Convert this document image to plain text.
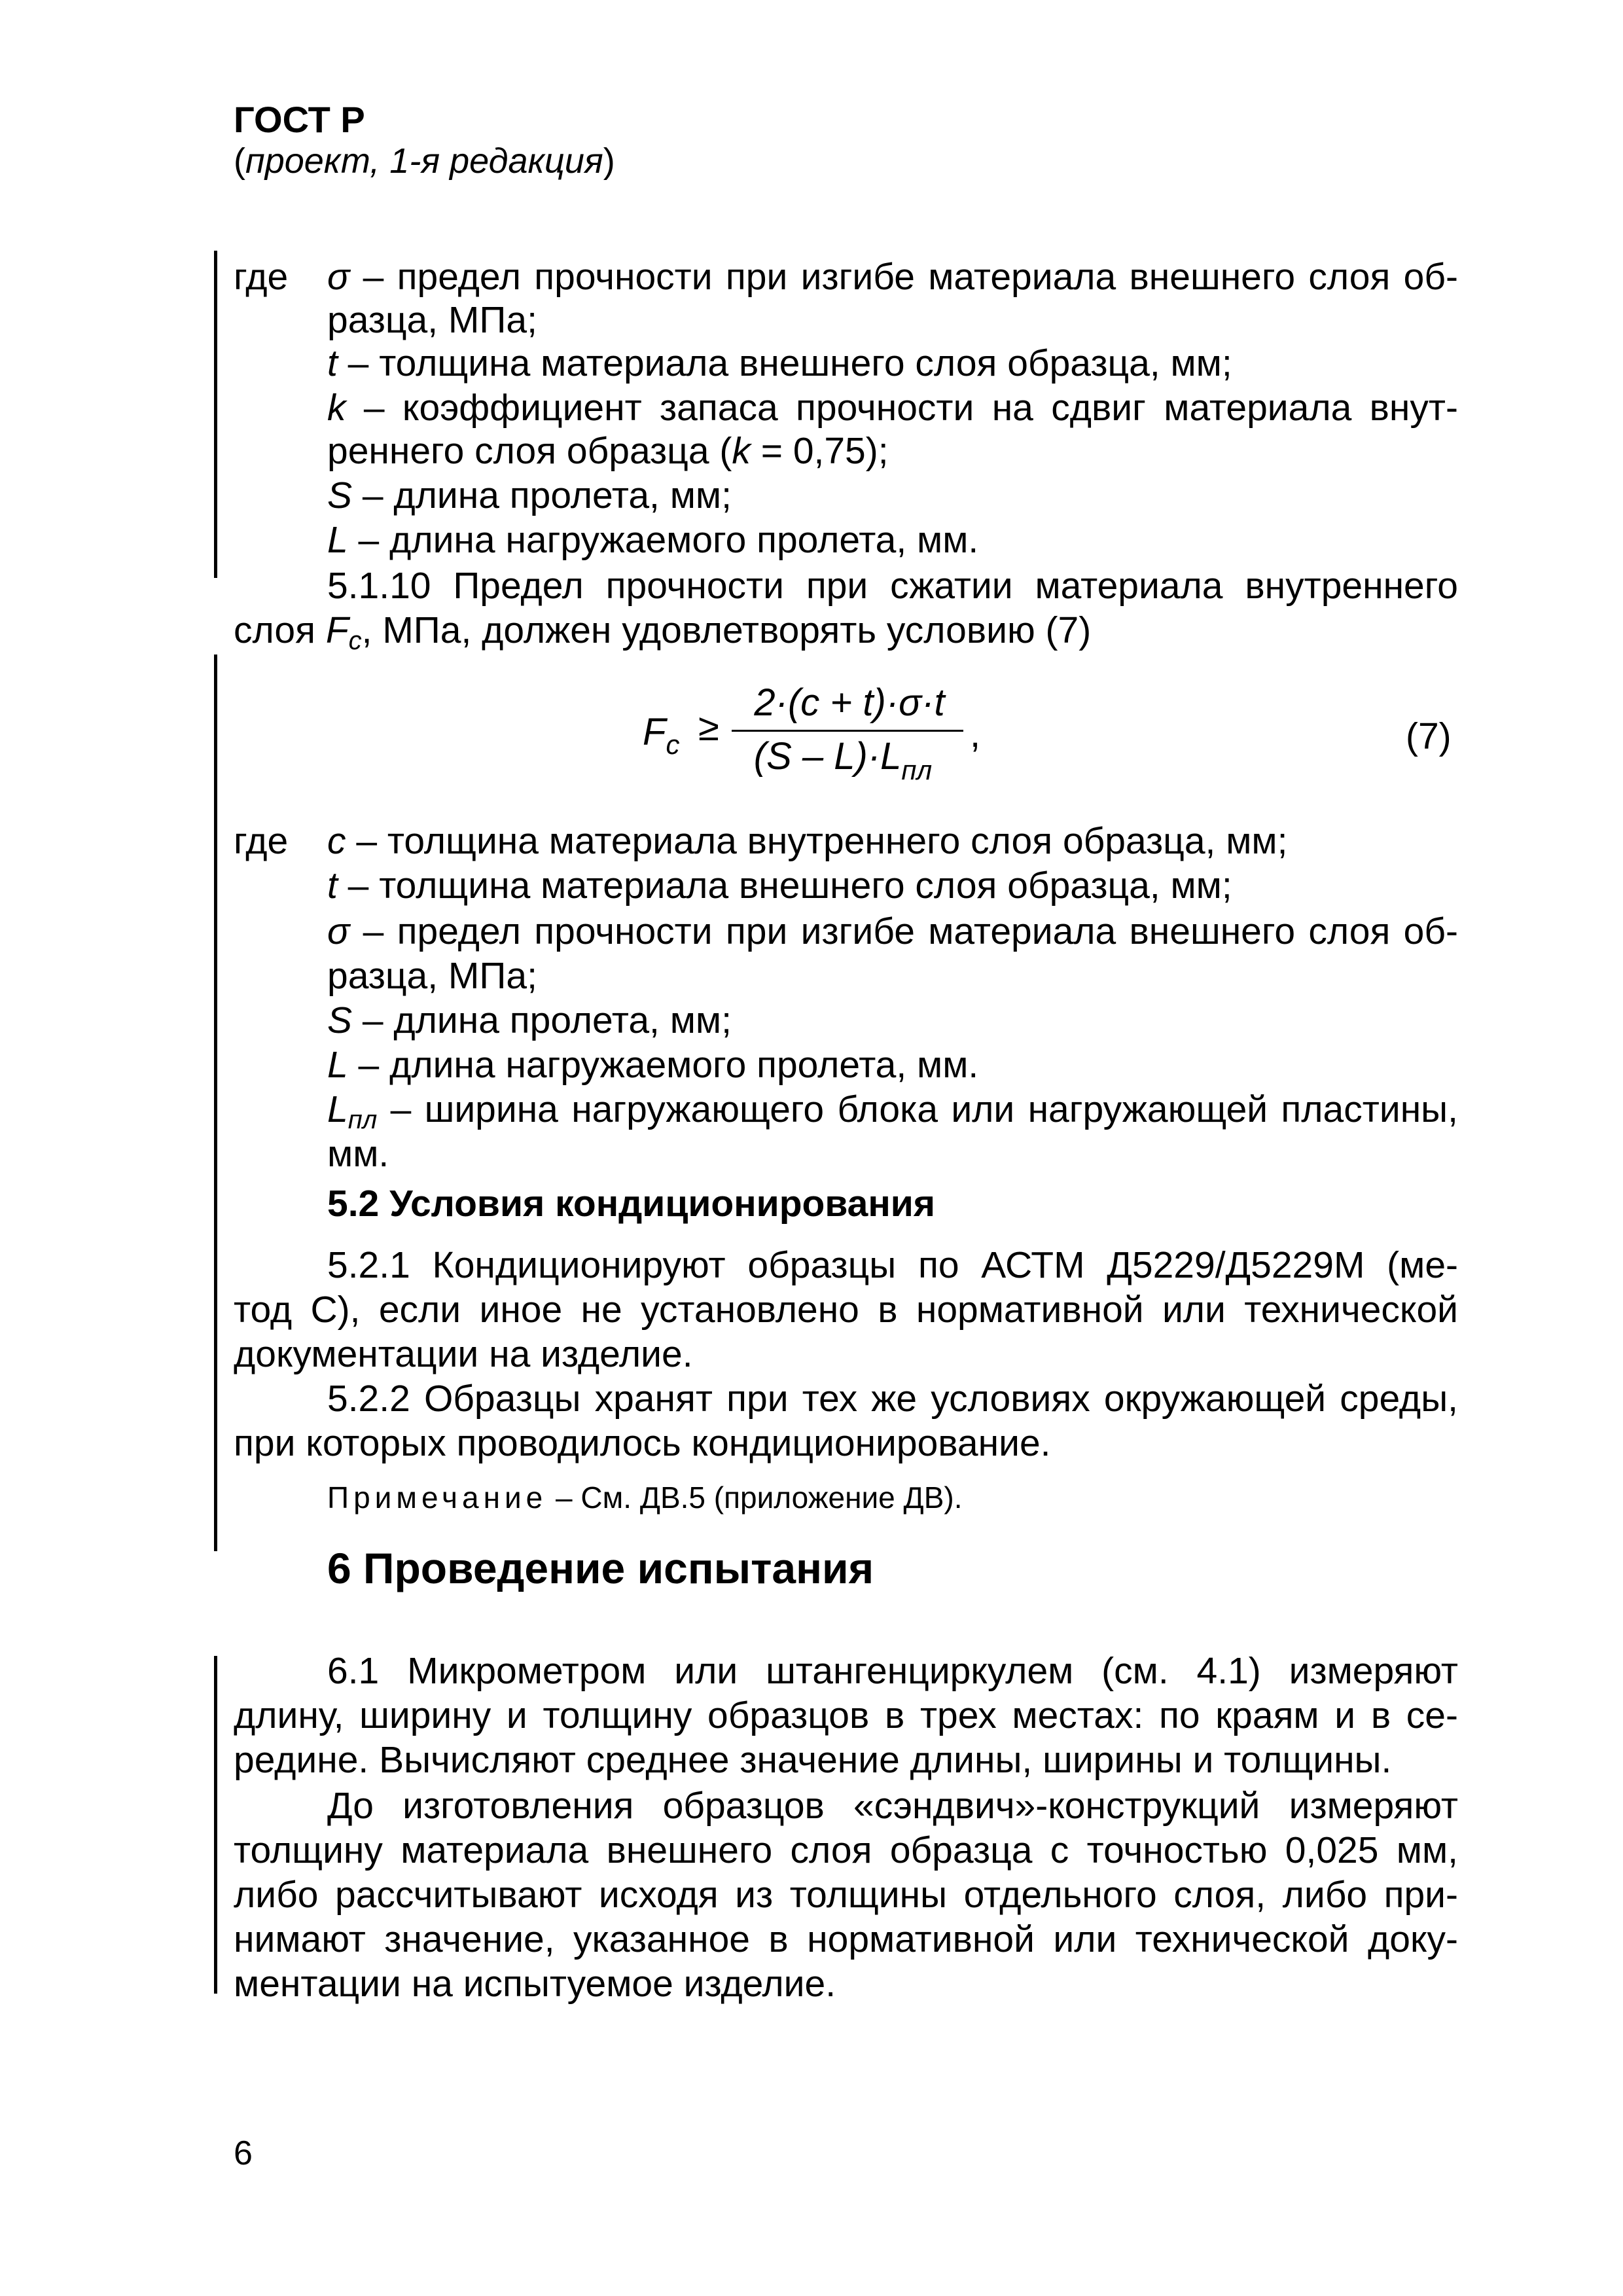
ГОСТ Р
(проект, 1-я редакция)
где σ – предел прочности при изгибе материала внешнего слоя об-
разца, МПа;
t – толщина материала внешнего слоя образца, мм;
k – коэффициент запаса прочности на сдвиг материала внут-
реннего слоя образца (k = 0,75);
S – длина пролета, мм;
L – длина нагружаемого пролета, мм.
5.1.10 Предел прочности при сжатии материала внутреннего
слоя $F_c$, МПа, должен удовлетворять условию (7)
$F_c$ ≥
2·(c + t)·σ·t
$(S - L)\cdot L_{пл}$
,	(7)
где c – толщина материала внутреннего слоя образца, мм;
t – толщина материала внешнего слоя образца, мм;
σ – предел прочности при изгибе материала внешнего слоя об-
разца, МПа;
S – длина пролета, мм;
L – длина нагружаемого пролета, мм.
$L_{пл}$ – ширина нагружающего блока или нагружающей пластины,
мм.
5.2 Условия кондиционирования
5.2.1 Кондиционируют образцы по АСТМ Д5229/Д5229М (ме-
тод С), если иное не установлено в нормативной или технической
документации на изделие.
5.2.2 Образцы хранят при тех же условиях окружающей среды,
при которых проводилось кондиционирование.
Примечание – См. ДВ.5 (приложение ДВ).
6 Проведение испытания
6.1 Микрометром или штангенциркулем (см. 4.1) измеряют
длину, ширину и толщину образцов в трех местах: по краям и в се-
редине. Вычисляют среднее значение длины, ширины и толщины.
До изготовления образцов «сэндвич»-конструкций измеряют
толщину материала внешнего слоя образца с точностью 0,025 мм,
либо рассчитывают исходя из толщины отдельного слоя, либо при-
нимают значение, указанное в нормативной или технической доку-
ментации на испытуемое изделие.
6
